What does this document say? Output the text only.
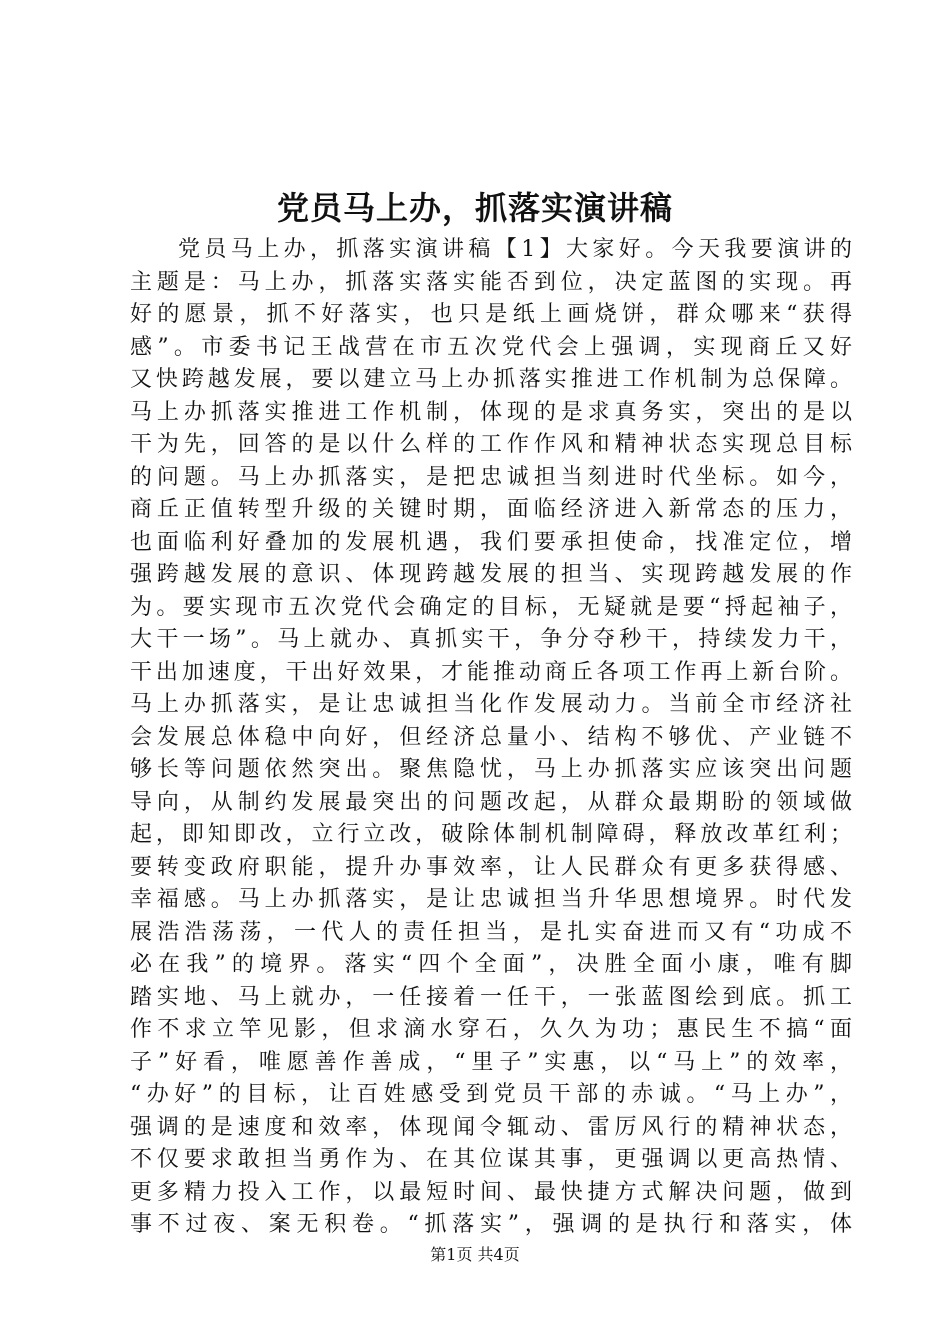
党员马上办，抓落实演讲稿
党员马上办，抓落实演讲稿【1】大家好。今天我要演讲的
主题是：马上办，抓落实落实能否到位，决定蓝图的实现。再
好的愿景，抓不好落实，也只是纸上画烧饼，群众哪来“获得
感”。市委书记王战营在市五次党代会上强调，实现商丘又好
又快跨越发展，要以建立马上办抓落实推进工作机制为总保障。
马上办抓落实推进工作机制，体现的是求真务实，突出的是以
干为先，回答的是以什么样的工作作风和精神状态实现总目标
的问题。马上办抓落实，是把忠诚担当刻进时代坐标。如今，
商丘正值转型升级的关键时期，面临经济进入新常态的压力，
也面临利好叠加的发展机遇，我们要承担使命，找准定位，增
强跨越发展的意识、体现跨越发展的担当、实现跨越发展的作
为。要实现市五次党代会确定的目标，无疑就是要“捋起袖子，
大干一场”。马上就办、真抓实干，争分夺秒干，持续发力干，
干出加速度，干出好效果，才能推动商丘各项工作再上新台阶。
马上办抓落实，是让忠诚担当化作发展动力。当前全市经济社
会发展总体稳中向好，但经济总量小、结构不够优、产业链不
够长等问题依然突出。聚焦隐忧，马上办抓落实应该突出问题
导向，从制约发展最突出的问题改起，从群众最期盼的领域做
起，即知即改，立行立改，破除体制机制障碍，释放改革红利；
要转变政府职能，提升办事效率，让人民群众有更多获得感、
幸福感。马上办抓落实，是让忠诚担当升华思想境界。时代发
展浩浩荡荡，一代人的责任担当，是扎实奋进而又有“功成不
必在我”的境界。落实“四个全面”，决胜全面小康，唯有脚
踏实地、马上就办，一任接着一任干，一张蓝图绘到底。抓工
作不求立竿见影，但求滴水穿石，久久为功；惠民生不搞“面
子”好看，唯愿善作善成，“里子”实惠，以“马上”的效率，
“办好”的目标，让百姓感受到党员干部的赤诚。“马上办”，
强调的是速度和效率，体现闻令辄动、雷厉风行的精神状态，
不仅要求敢担当勇作为、在其位谋其事，更强调以更高热情、
更多精力投入工作，以最短时间、最快捷方式解决问题，做到
事不过夜、案无积卷。“抓落实”，强调的是执行和落实，体
第1页 共4页
